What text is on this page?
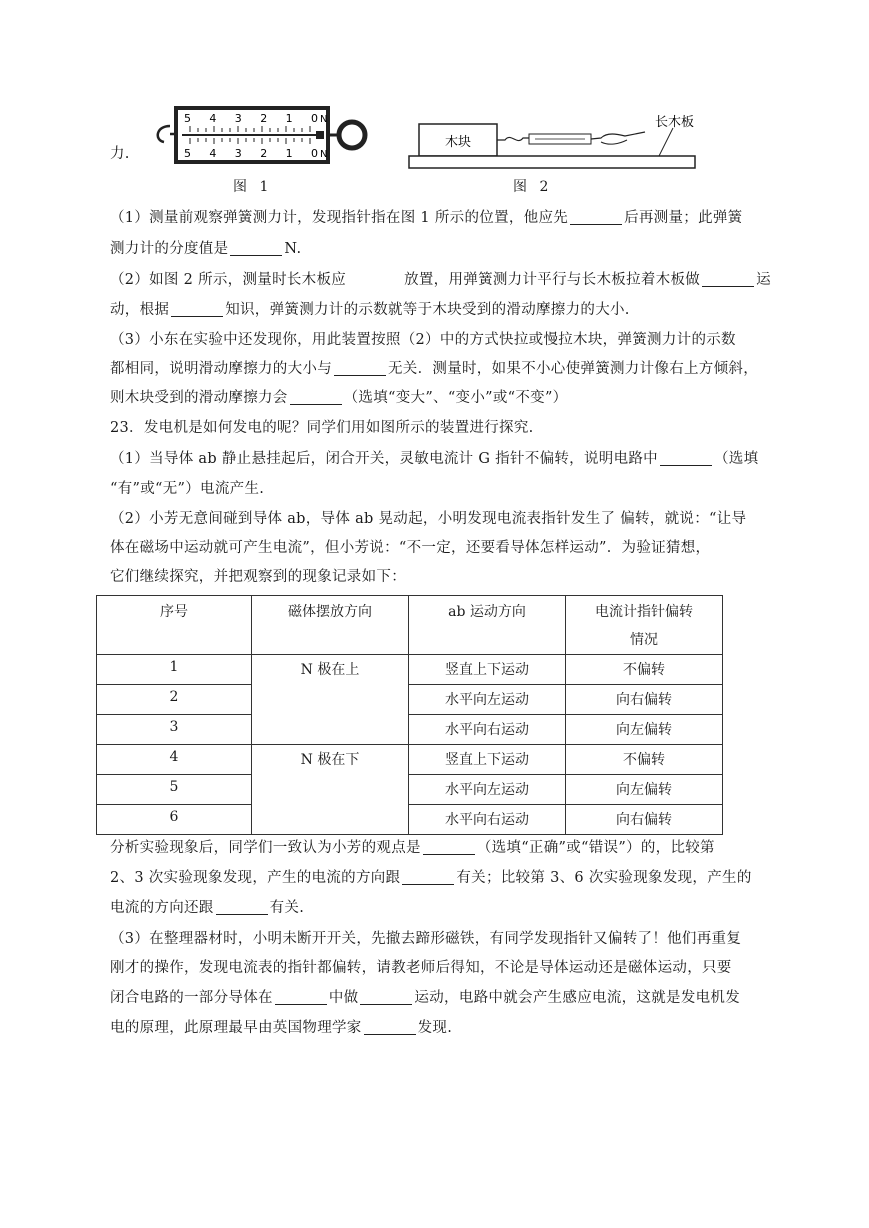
力.
5 4 3 2 1 0
5 4 3 2 1 0
N
N
图 1
木块
长木板
图 2
（1）测量前观察弹簧测力计，发现指针指在图 1 所示的位置，他应先	后再测量；此弹簧
测力计的分度值是	N.
（2）如图 2 所示，测量时长木板应	放置，用弹簧测力计平行与长木板拉着木板做	运
动，根据	知识，弹簧测力计的示数就等于木块受到的滑动摩擦力的大小.
（3）小东在实验中还发现你，用此装置按照（2）中的方式快拉或慢拉木块，弹簧测力计的示数
都相同，说明滑动摩擦力的大小与	无关．测量时，如果不小心使弹簧测力计像右上方倾斜，
则木块受到的滑动摩擦力会	（选填“变大”、“变小”或“不变”）
23．发电机是如何发电的呢？同学们用如图所示的装置进行探究.
（1）当导体 ab 静止悬挂起后，闭合开关，灵敏电流计 G 指针不偏转，说明电路中	（选填
“有”或“无”）电流产生.
（2）小芳无意间碰到导体 ab，导体 ab 晃动起，小明发现电流表指针发生了 偏转，就说：“让导
体在磁场中运动就可产生电流”，但小芳说：“不一定，还要看导体怎样运动”．为验证猜想，
它们继续探究，并把观察到的现象记录如下：
序号	磁体摆放方向	ab 运动方向	电流计指针偏转
情况

1	N 极在上	竖直上下运动	不偏转
2		水平向左运动	向右偏转
3		水平向右运动	向左偏转
4	N 极在下	竖直上下运动	不偏转
5		水平向左运动	向左偏转
6		水平向右运动	向右偏转
分析实验现象后，同学们一致认为小芳的观点是	（选填“正确”或“错误”）的，比较第
2、3 次实验现象发现，产生的电流的方向跟	有关；比较第 3、6 次实验现象发现，产生的
电流的方向还跟	有关.
（3）在整理器材时，小明未断开开关，先撤去蹄形磁铁，有同学发现指针又偏转了！他们再重复
刚才的操作，发现电流表的指针都偏转，请教老师后得知，不论是导体运动还是磁体运动，只要
闭合电路的一部分导体在	中做	运动，电路中就会产生感应电流，这就是发电机发
电的原理，此原理最早由英国物理学家	发现.
